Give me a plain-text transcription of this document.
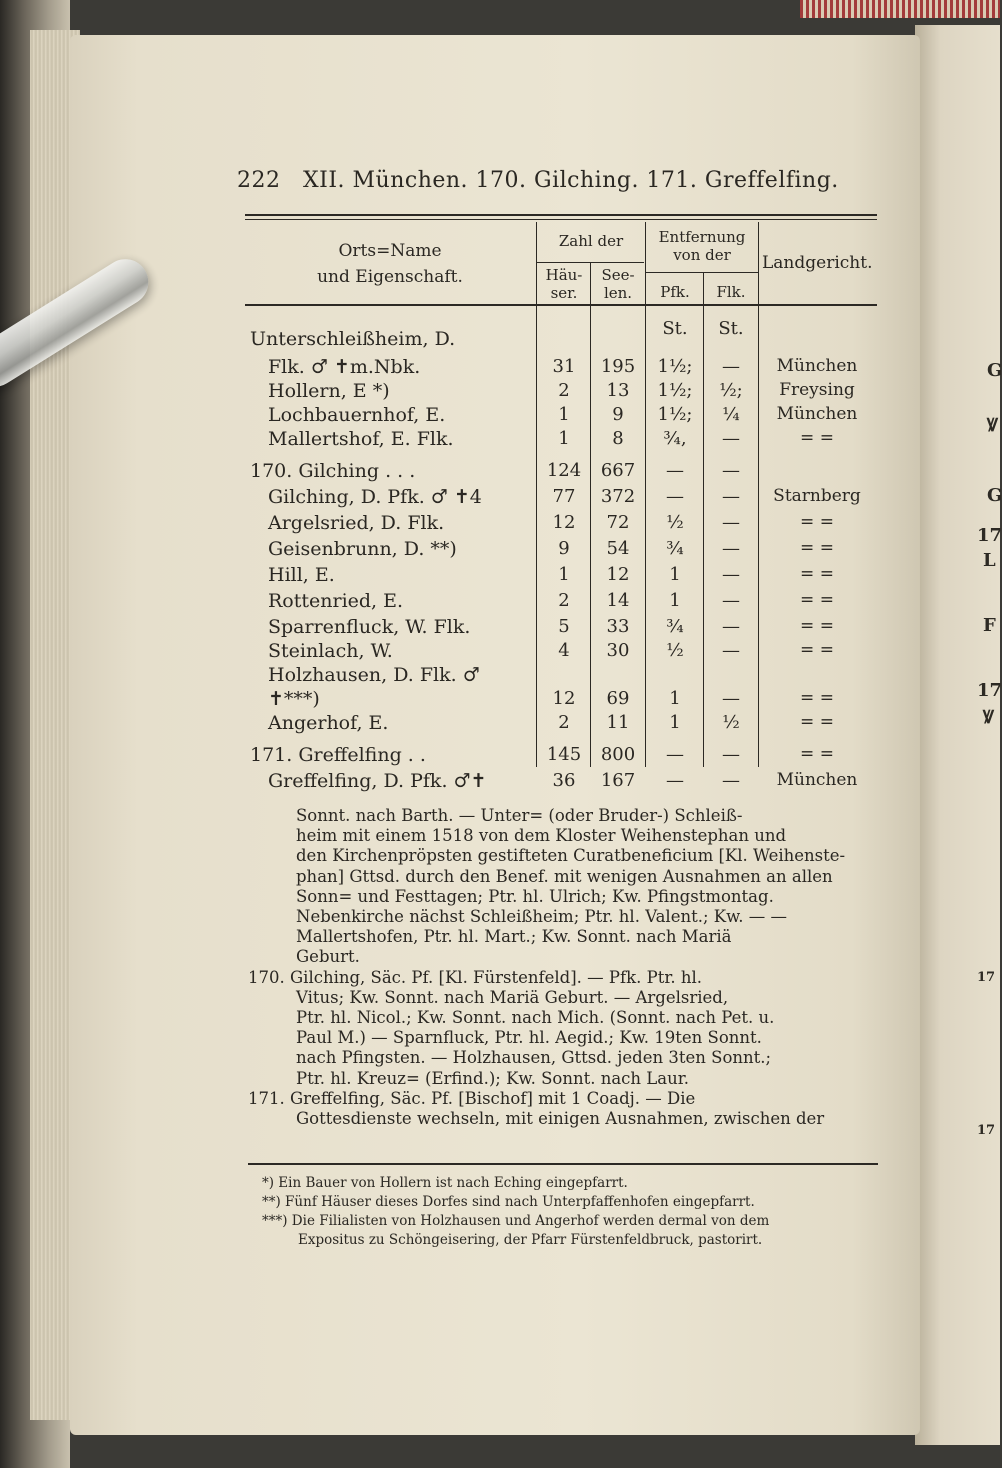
G
Ꝟ
G
17
L
F
17
Ꝟ
17
17
222 XII. München. 170. Gilching. 171. Greffelfing.
Orts=Name
und Eigenschaft.
Zahl der
Häu-
ser.
See-
len.
Entfernung
von der
Pfk.	Flk.
Landgericht.
St.	St.
Unterschleißheim, D.
Flk. ♂ ✝m.Nbk.	31	195	1½;	—	München
Hollern, E *)	2	13	1½;	½;	Freysing
Lochbauernhof, E.	1	9	1½;	¼	München
Mallertshof, E. Flk.	1	8	¾,	—	= =
170. Gilching . . .	124	667	—	—
Gilching, D. Pfk. ♂ ✝4	77	372	—	—	Starnberg
Argelsried, D. Flk.	12	72	½	—	= =
Geisenbrunn, D. **)	9	54	¾	—	= =
Hill, E.	1	12	1	—	= =
Rottenried, E.	2	14	1	—	= =
Sparrenfluck, W. Flk.	5	33	¾	—	= =
Steinlach, W.	4	30	½	—	= =
Holzhausen, D. Flk. ♂
✝***)	12	69	1	—	= =
Angerhof, E.	2	11	1	½	= =
171. Greffelfing . .	145	800	—	—	= =
Greffelfing, D. Pfk. ♂✝	36	167	—	—	München
Sonnt. nach Barth. — Unter= (oder Bruder-) Schleiß-
heim mit einem 1518 von dem Kloster Weihenstephan und
den Kirchenpröpsten gestifteten Curatbeneficium [Kl. Weihenste-
phan] Gttsd. durch den Benef. mit wenigen Ausnahmen an allen
Sonn= und Festtagen; Ptr. hl. Ulrich; Kw. Pfingstmontag.
Nebenkirche nächst Schleißheim; Ptr. hl. Valent.; Kw. — —
Mallertshofen, Ptr. hl. Mart.; Kw. Sonnt. nach Mariä
Geburt.
170. Gilching, Säc. Pf. [Kl. Fürstenfeld]. — Pfk. Ptr. hl.
Vitus; Kw. Sonnt. nach Mariä Geburt. — Argelsried,
Ptr. hl. Nicol.; Kw. Sonnt. nach Mich. (Sonnt. nach Pet. u.
Paul M.) — Sparnfluck, Ptr. hl. Aegid.; Kw. 19ten Sonnt.
nach Pfingsten. — Holzhausen, Gttsd. jeden 3ten Sonnt.;
Ptr. hl. Kreuz= (Erfind.); Kw. Sonnt. nach Laur.
171. Greffelfing, Säc. Pf. [Bischof] mit 1 Coadj. — Die
Gottesdienste wechseln, mit einigen Ausnahmen, zwischen der
*) Ein Bauer von Hollern ist nach Eching eingepfarrt.
**) Fünf Häuser dieses Dorfes sind nach Unterpfaffenhofen eingepfarrt.
***) Die Filialisten von Holzhausen und Angerhof werden dermal von dem
Expositus zu Schöngeisering, der Pfarr Fürstenfeldbruck, pastorirt.
